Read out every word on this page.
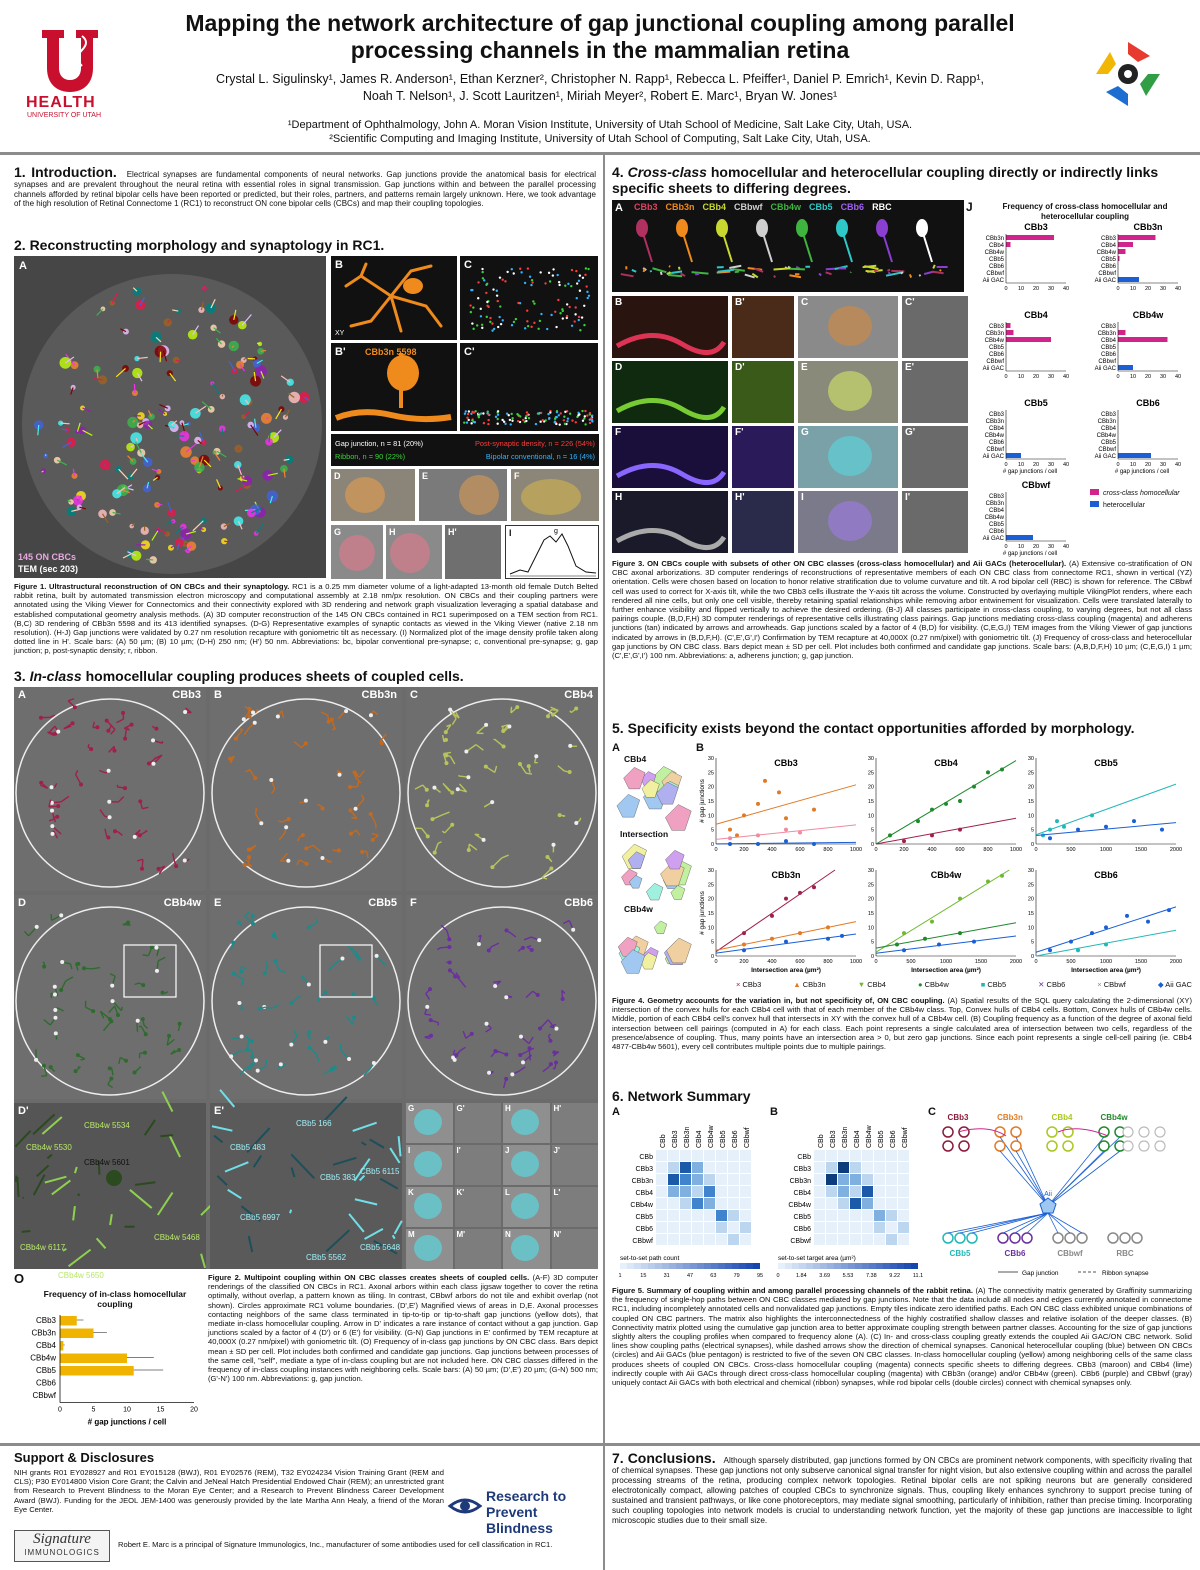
HEALTH
UNIVERSITY OF UTAH
Mapping the network architecture of gap junctional coupling among parallel
processing channels in the mammalian retina
Crystal L. Sigulinsky¹, James R. Anderson¹, Ethan Kerzner², Christopher N. Rapp¹, Rebecca L. Pfeiffer¹, Daniel P. Emrich¹, Kevin D. Rapp¹,
Noah T. Nelson¹, J. Scott Lauritzen¹, Miriah Meyer², Robert E. Marc¹, Bryan W. Jones¹
¹Department of Ophthalmology, John A. Moran Vision Institute, University of Utah School of Medicine, Salt Lake City, Utah, USA.
²Scientific Computing and Imaging Institute, University of Utah School of Computing, Salt Lake City, Utah, USA.
1. Introduction. Electrical synapses are fundamental components of neural networks. Gap junctions provide the anatomical basis for electrical synapses and are prevalent throughout the neural retina with essential roles in signal transmission. Gap junctions within and between the parallel processing channels afforded by retinal bipolar cells have been reported or predicted, but their roles, partners, and patterns remain largely unknown. Here, we took advantage of the high resolution of Retinal Connectome 1 (RC1) to reconstruct ON cone bipolar cells (CBCs) and map their coupling topologies.
2. Reconstructing morphology and synaptology in RC1.
A
145 ON CBCs
TEM (sec 203)
B
XY
C
B' CBb3n 5598	C'
Gap junction, n = 81 (20%)	Post-synaptic density, n = 226 (54%)
Ribbon, n = 90 (22%)	Bipolar conventional, n = 16 (4%)
D	E	F
G	H	H'	g
I
Figure 1. Ultrastructural reconstruction of ON CBCs and their synaptology. RC1 is a 0.25 mm diameter volume of a light-adapted 13-month old female Dutch Belted rabbit retina, built by automated transmission electron microscopy and computational assembly at 2.18 nm/px resolution. ON CBCs and their coupling partners were annotated using the Viking Viewer for Connectomics and their connectivity explored with 3D rendering and network graph visualization leveraging a spatial database and established computational geometry analysis methods. (A) 3D computer reconstruction of the 145 ON CBCs contained in RC1 superimposed on a TEM section from RC1. (B,C) 3D rendering of CBb3n 5598 and its 413 identified synapses. (D-G) Representative examples of synaptic contacts as viewed in the Viking Viewer (native 2.18 nm resolution). (H-J) Gap junctions were validated by 0.27 nm resolution recapture with goniometric tilt as necessary. (I) Normalized plot of the image density profile taken along dotted line in H'. Scale bars: (A) 50 µm; (B) 10 µm; (D-H) 250 nm; (H') 50 nm. Abbreviations: bc, bipolar conventional pre-synapse; c, conventional pre-synapse; g, gap junction; p, post-synaptic density; r, ribbon.
3. In-class homocellular coupling produces sheets of coupled cells.
A	CBb3 B	CBb3n C	CBb4
D	CBb4w E	CBb5 F	CBb6
CBb4w 5534
CBb4w 5530
CBb4w 5601
CBb4w 6117
CBb4w 5468
CBb4w 5650
D'
CBb5 166
CBb5 483
CBb5 383
CBb5 6115
CBb5 6997
CBb5 5562
CBb5 5648
E'	G	G'	H	H'
I	I'	J	J'
K	K'	L	L'
M	M'	N	N'
O
Frequency of in-class homocellular coupling
CBb3
CBb3n
CBb4
CBb4w
CBb5
CBb6
CBbwf
0	5	10	15	20
# gap junctions / cell
Figure 2. Multipoint coupling within ON CBC classes creates sheets of coupled cells. (A-F) 3D computer renderings of the classified ON CBCs in RC1. Axonal arbors within each class jigsaw together to cover the retina optimally, without overlap, a pattern known as tiling. In contrast, CBbwf arbors do not tile and exhibit overlap (not shown). Circles approximate RC1 volume boundaries. (D',E') Magnified views of areas in D,E. Axonal processes contacting neighbors of the same class terminated in tip-to-tip or tip-to-shaft gap junctions (yellow dots), that mediate in-class homocellular coupling. Arrow in D' indicates a rare instance of contact without a gap junction. Gap junctions scaled by a factor of 4 (D') or 6 (E') for visibility. (G-N) Gap junctions in E' confirmed by TEM recapture at 40,000X (0.27 nm/pixel) with goniometric tilt. (O) Frequency of in-class gap junctions by ON CBC class. Bars depict mean ± SD per cell. Plot includes both confirmed and candidate gap junctions. Gap junctions between processes of the same cell, "self", mediate a type of in-class coupling but are not included here. ON CBC classes differed in the frequency of in-class coupling instances with neighboring cells. Scale bars: (A) 50 µm; (D',E') 20 µm; (G-N) 500 nm; (G'-N') 100 nm. Abbreviations: g, gap junction.
Support & Disclosures
NIH grants R01 EY028927 and R01 EY015128 (BWJ), R01 EY02576 (REM), T32 EY024234 Vision Training Grant (REM and CLS); P30 EY014800 Vision Core Grant; the Calvin and JeNeal Hatch Presidential Endowed Chair (REM); an unrestricted grant from Research to Prevent Blindness to the Moran Eye Center; and a Research to Prevent Blindness Career Development Award (BWJ). Funding for the JEOL JEM-1400 was generously provided by the late Martha Ann Healy, a friend of the Moran Eye Center.
Signature
IMMUNOLOGICS
Robert E. Marc is a principal of Signature Immunologics, Inc., manufacturer of some antibodies used for cell classification in RC1.
Research to
Prevent Blindness
4. Cross-class homocellular and heterocellular coupling directly or indirectly links specific sheets to differing degrees.
A CBb3 CBb3n CBb4 CBbwf CBb4w CBb5 CBb6 RBC
B	B'	C	C'
D	D'	E	E'
F	F'	G	G'
H	H'	I	I'
J	Frequency of cross-class homocellular and heterocellular coupling
CBb3
CBb3n
CBb4
CBb4w
CBb5
CBb6
CBbwf
Aii GAC
0 10 20 30 40
CBb3n
CBb3
CBb4
CBb4w
CBb5
CBb6
CBbwf
Aii GAC
0 10 20 30 40
CBb4
CBb3
CBb3n
CBb4w
CBb5
CBb6
CBbwf
Aii GAC
0 10 20 30 40
CBb4w
CBb3
CBb3n
CBb4
CBb5
CBb6
CBbwf
Aii GAC
0 10 20 30 40
CBb5
CBb3
CBb3n
CBb4
CBb4w
CBb6
CBbwf
Aii GAC
0 10 20 30 40
# gap junctions / cell
CBb6
CBb3
CBb3n
CBb4
CBb4w
CBb5
CBbwf
Aii GAC
0 10 20 30 40
# gap junctions / cell
CBbwf
CBb3
CBb3n
CBb4
CBb4w
CBb5
CBb6
Aii GAC
0 10 20 30 40
# gap junctions / cell
cross-class homocellular
heterocellular
Figure 3. ON CBCs couple with subsets of other ON CBC classes (cross-class homocellular) and Aii GACs (heterocellular). (A) Extensive co-stratification of ON CBC axonal arborizations. 3D computer renderings of reconstructions of representative members of each ON CBC class from connectome RC1, shown in vertical (YZ) orientation. Cells were chosen based on location to honor relative stratification due to volume curvature and tilt. A rod bipolar cell (RBC) is shown for reference. The CBbwf cell was used to correct for X-axis tilt, while the two CBb3 cells illustrate the Y-axis tilt across the volume. Constructed by overlaying multiple VikingPlot renders, where each rendered all nine cells, but only one cell visible, thereby retaining spatial relationships while removing arbor entwinement for visualization. Cells were translated laterally to further enhance visibility and flipped vertically to achieve the desired ordering. (B-J) All classes participate in cross-class coupling, to varying degrees, but not all class pairings couple. (B,D,F,H) 3D computer renderings of representative cells illustrating class pairings. Gap junctions mediating cross-class coupling (magenta) and adherens junctions (tan) indicated by arrows and arrowheads. Gap junctions scaled by a factor of 4 (B,D) for visibility. (C,E,G,I) TEM images from the Viking Viewer of gap junctions indicated by arrows in (B,D,F,H). (C',E',G',I') Confirmation by TEM recapture at 40,000X (0.27 nm/pixel) with goniometric tilt. (J) Frequency of cross-class and heterocellular gap junctions by ON CBC class. Bars depict mean ± SD per cell. Plot includes both confirmed and candidate gap junctions. Scale bars: (A,B,D,F,H) 10 µm; (C,E,G,I) 1 µm; (C',E',G',I') 100 nm. Abbreviations: a, adherens junction; g, gap junction.
5. Specificity exists beyond the contact opportunities afforded by morphology.
A
CBb4
Intersection
CBb4w
B
CBb3
0
5
10
15
20
25
30
0	200	400	600	800	1000
# gap junctions
CBb4
0
5
10
15
20
25
30
0	200	400	600	800	1000
CBb5
0
5
10
15
20
25
30
0	500	1000	1500	2000
CBb3n
0
5
10
15
20
25
30
0	200	400	600	800	1000
# gap junctions
Intersection area (µm²)
CBb4w
0
5
10
15
20
25
30
0	500	1000	1500	2000
Intersection area (µm²)
CBb6
0
5
10
15
20
25
30
0	500	1000	1500	2000
Intersection area (µm²)
× CBb3	▲ CBb3n	▼ CBb4	● CBb4w	■ CBb5	✕ CBb6	× CBbwf	◆ Aii GAC
Figure 4. Geometry accounts for the variation in, but not specificity of, ON CBC coupling. (A) Spatial results of the SQL query calculating the 2-dimensional (XY) intersection of the convex hulls for each CBb4 cell with that of each member of the CBb4w class. Top, Convex hulls of CBb4 cells. Bottom, Convex hulls of CBb4w cells. Middle, portion of each CBb4 cell's convex hull that intersects in XY with the convex hull of a CBb4w cell. (B) Coupling frequency as a function of the degree of axonal field intersection between cell pairings (computed in A) for each class. Each point represents a single calculated area of intersection between two cells, regardless of the presence/absence of coupling. Thus, many points have an intersection area > 0, but zero gap junctions. Since each point represents a single cell-cell pairing (ie. CBb4 4877-CBb4w 5601), every cell contributes multiple points due to multiple pairings.
6. Network Summary
A
CBb CBb3 CBb3n CBb4 CBb4w CBb5 CBb6 CBbwf
CBb
CBb3
CBb3n
CBb4
CBb4w
CBb5
CBb6
CBbwf
set-to-set path count
1	15	31	47	63	79	95
B
CBb CBb3 CBb3n CBb4 CBb4w CBb5 CBb6 CBbwf
CBb
CBb3
CBb3n
CBb4
CBb4w
CBb5
CBb6
CBbwf
set-to-set target area (µm²)
0	1.84 3.69 5.53 7.38 9.22 11.1
C CBb3	CBb3n	CBb4	CBb4w
Aii
CBb5	CBb6	CBbwf	RBC
Gap junction	Ribbon synapse
Figure 5. Summary of coupling within and among parallel processing channels of the rabbit retina. (A) The connectivity matrix generated by Graffinity summarizing the frequency of single-hop paths between ON CBC classes mediated by gap junctions. Note that the data include all nodes and edges currently annotated in connectome RC1, including incompletely annotated cells and nonvalidated gap junctions. Empty tiles indicate zero identified paths. Each ON CBC class exhibited unique combinations of coupled ON CBC partners. The matrix also highlights the interconnectedness of the highly costratified shallow classes and relative isolation of the deeper classes. (B) Connectivity matrix plotted using the cumulative gap junction area to better approximate coupling strength between partner classes. Accounting for the size of gap junctions slightly alters the coupling profiles when compared to frequency alone (A). (C) In- and cross-class coupling greatly extends the coupled Aii GAC/ON CBC network. Solid lines show coupling paths (electrical synapses), while dashed arrows show the direction of chemical synapses. Canonical heterocellular coupling (blue) between ON CBCs (circles) and Aii GACs (blue pentagon) is restricted to five of the seven ON CBC classes. In-class homocellular coupling (yellow) among neighboring cells of the same class produces sheets of coupled ON CBCs. Cross-class homocellular coupling (magenta) connects specific sheets to differing degrees. CBb3 (maroon) and CBb4 (lime) indirectly couple with Aii GACs through direct cross-class homocellular coupling (magenta) with CBb3n (orange) and/or CBb4w (green). CBb6 (purple) and CBbwf (gray) uniquely contact Aii GACs with both electrical and chemical (ribbon) synapses, while rod bipolar cells (double circles) connect with chemical synapses only.
7. Conclusions. Although sparsely distributed, gap junctions formed by ON CBCs are prominent network components, with specificity rivaling that of chemical synapses. These gap junctions not only subserve canonical signal transfer for night vision, but also extensive coupling within and across the parallel processing streams of the retina, producing complex network topologies. Retinal bipolar cells are not spiking neurons but are generally considered electrotonically compact, allowing patches of coupled CBCs to synchronize signals. Thus, coupling likely enhances synchrony to support precise tuning of sustained and transient pathways, or like cone photoreceptors, may mediate signal smoothing, particularly of inhibition, rather than precise timing. Incorporating such coupling topologies into network models is crucial to understanding network function, yet the majority of these gap junctions are inaccessible to light microscopic studies due to their small size.
